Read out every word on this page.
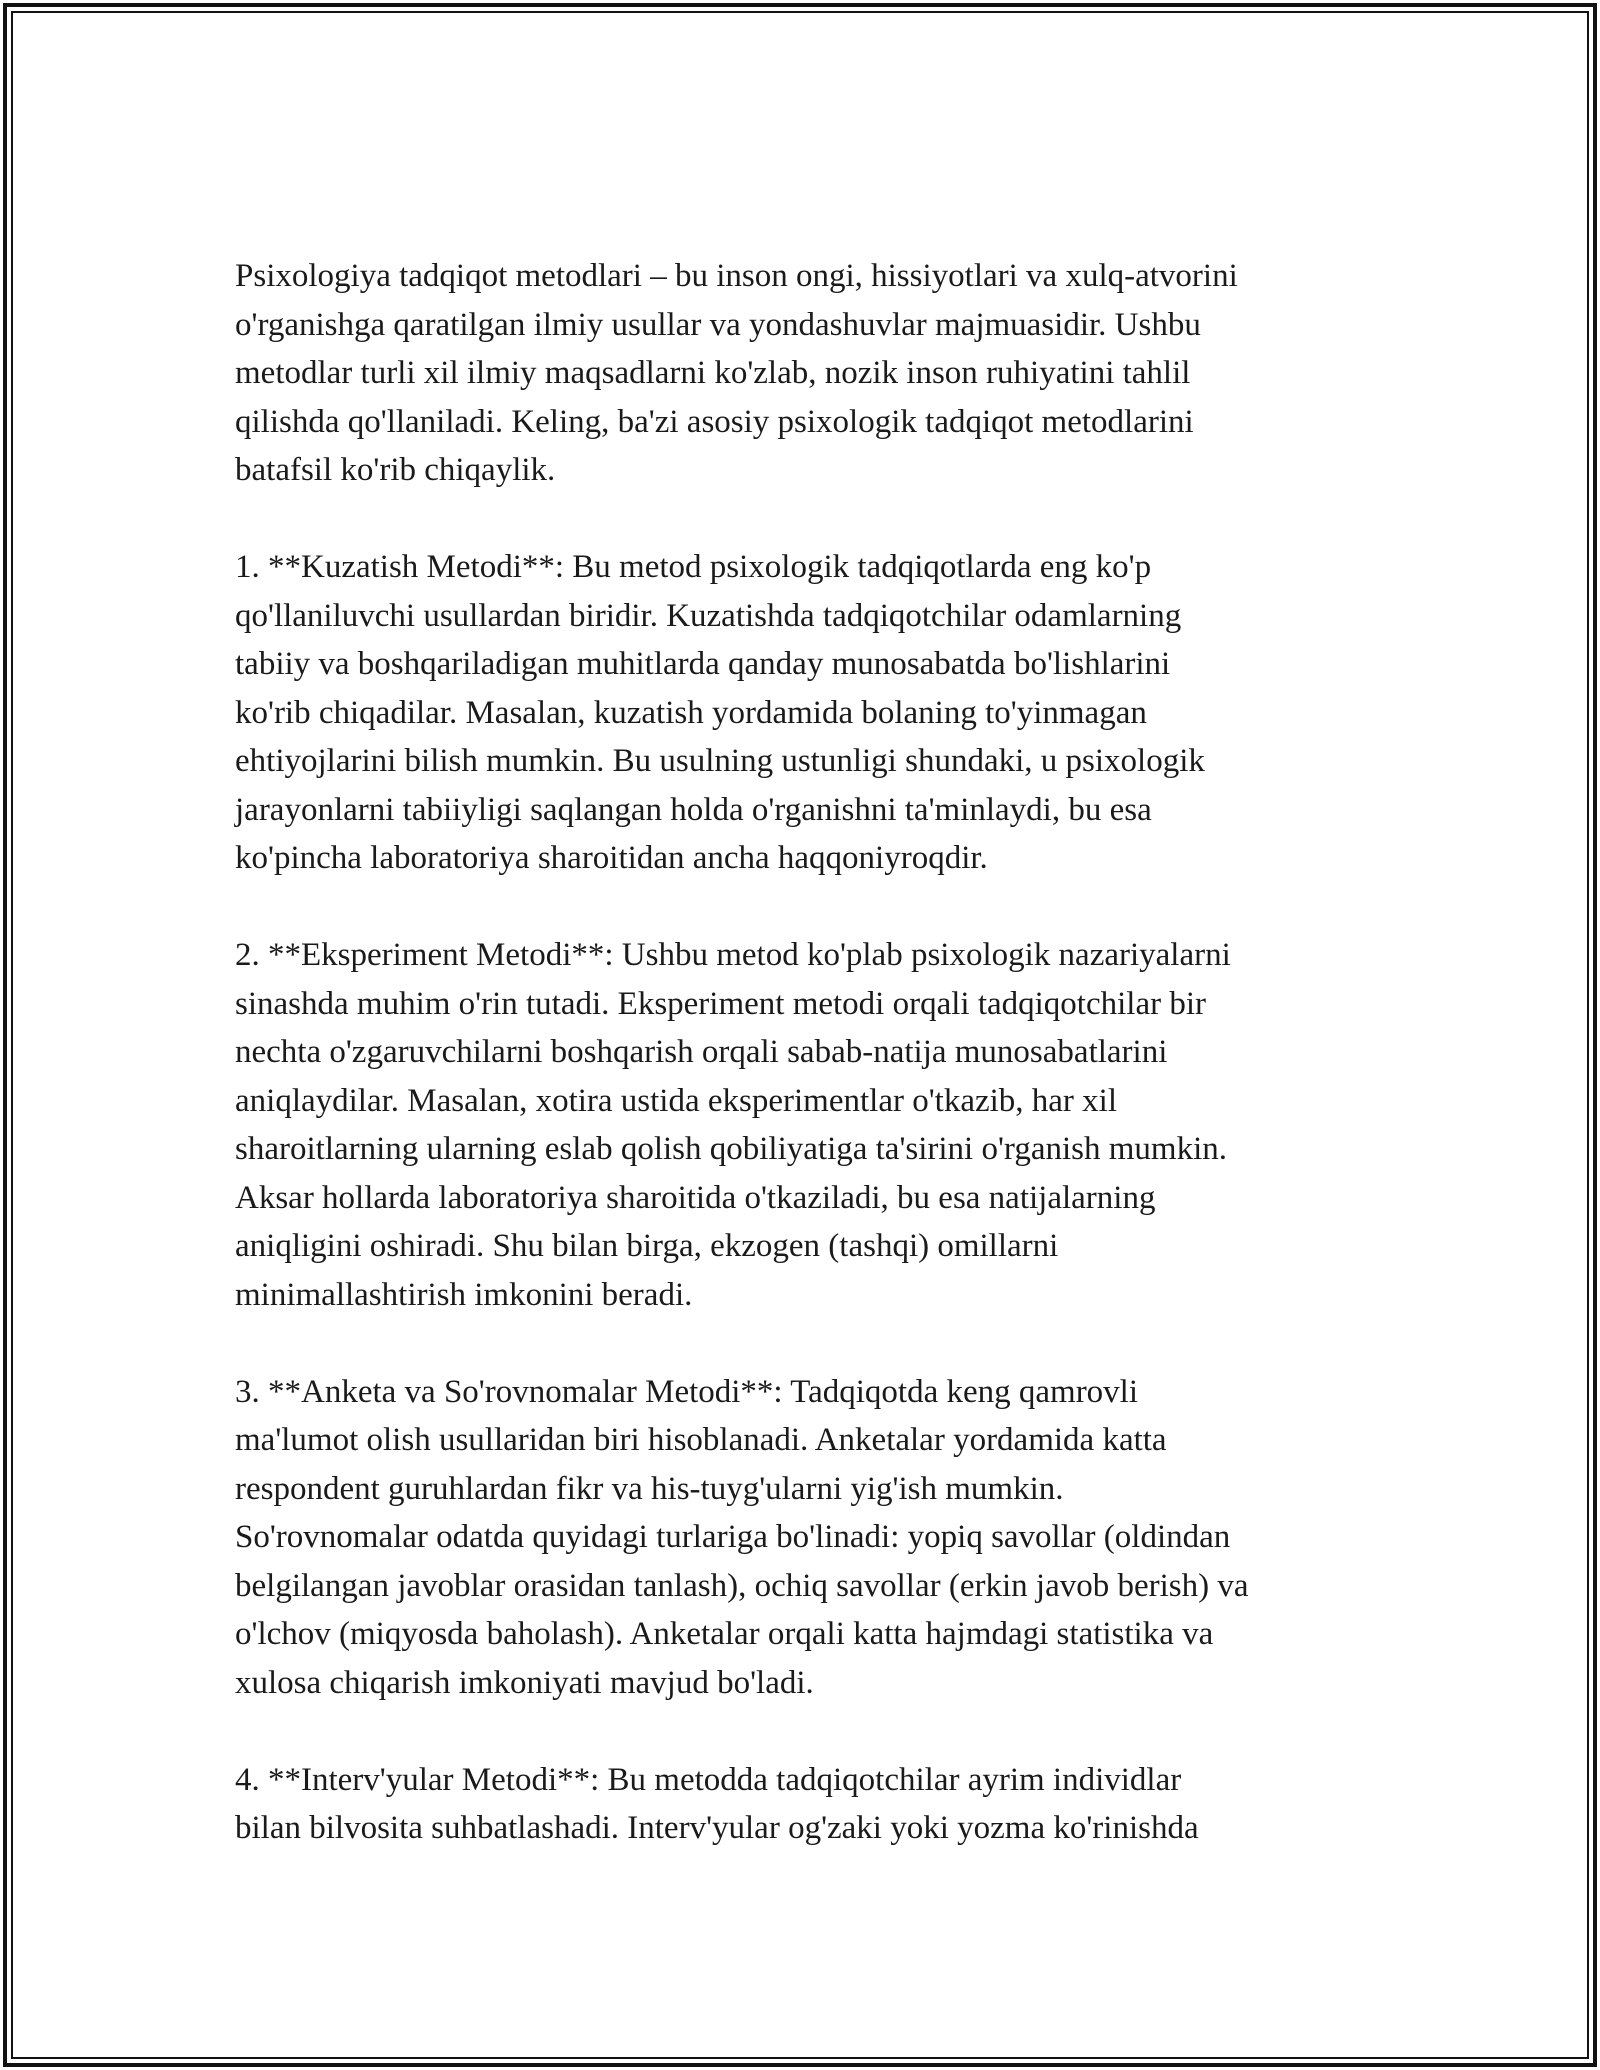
Psixologiya tadqiqot metodlari – bu inson ongi, hissiyotlari va xulq-atvorini
o'rganishga qaratilgan ilmiy usullar va yondashuvlar majmuasidir. Ushbu
metodlar turli xil ilmiy maqsadlarni ko'zlab, nozik inson ruhiyatini tahlil
qilishda qo'llaniladi. Keling, ba'zi asosiy psixologik tadqiqot metodlarini
batafsil ko'rib chiqaylik.

1. **Kuzatish Metodi**: Bu metod psixologik tadqiqotlarda eng ko'p
qo'llaniluvchi usullardan biridir. Kuzatishda tadqiqotchilar odamlarning
tabiiy va boshqariladigan muhitlarda qanday munosabatda bo'lishlarini
ko'rib chiqadilar. Masalan, kuzatish yordamida bolaning to'yinmagan
ehtiyojlarini bilish mumkin. Bu usulning ustunligi shundaki, u psixologik
jarayonlarni tabiiyligi saqlangan holda o'rganishni ta'minlaydi, bu esa
ko'pincha laboratoriya sharoitidan ancha haqqoniyroqdir.

2. **Eksperiment Metodi**: Ushbu metod ko'plab psixologik nazariyalarni
sinashda muhim o'rin tutadi. Eksperiment metodi orqali tadqiqotchilar bir
nechta o'zgaruvchilarni boshqarish orqali sabab-natija munosabatlarini
aniqlaydilar. Masalan, xotira ustida eksperimentlar o'tkazib, har xil
sharoitlarning ularning eslab qolish qobiliyatiga ta'sirini o'rganish mumkin.
Aksar hollarda laboratoriya sharoitida o'tkaziladi, bu esa natijalarning
aniqligini oshiradi. Shu bilan birga, ekzogen (tashqi) omillarni
minimallashtirish imkonini beradi.

3. **Anketa va So'rovnomalar Metodi**: Tadqiqotda keng qamrovli
ma'lumot olish usullaridan biri hisoblanadi. Anketalar yordamida katta
respondent guruhlardan fikr va his-tuyg'ularni yig'ish mumkin.
So'rovnomalar odatda quyidagi turlariga bo'linadi: yopiq savollar (oldindan
belgilangan javoblar orasidan tanlash), ochiq savollar (erkin javob berish) va
o'lchov (miqyosda baholash). Anketalar orqali katta hajmdagi statistika va
xulosa chiqarish imkoniyati mavjud bo'ladi.

4. **Interv'yular Metodi**: Bu metodda tadqiqotchilar ayrim individlar
bilan bilvosita suhbatlashadi. Interv'yular og'zaki yoki yozma ko'rinishda
